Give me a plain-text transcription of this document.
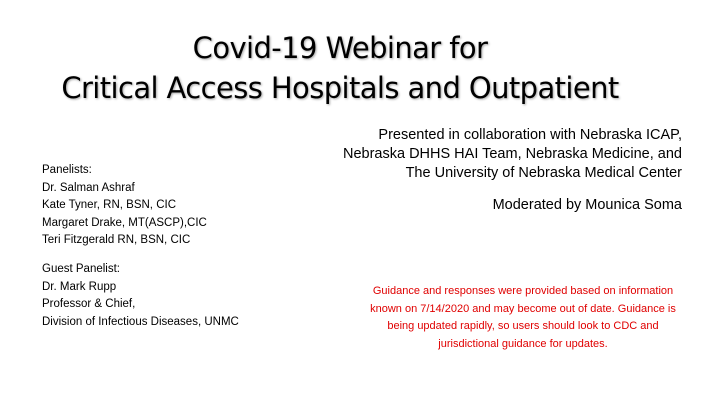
Covid-19 Webinar for
Critical Access Hospitals and Outpatient
Presented in collaboration with Nebraska ICAP,
Nebraska DHHS HAI Team, Nebraska Medicine, and
The University of Nebraska Medical Center
Moderated by Mounica Soma
Panelists:
Dr. Salman Ashraf
Kate Tyner, RN, BSN, CIC
Margaret Drake, MT(ASCP),CIC
Teri Fitzgerald RN, BSN, CIC
Guest Panelist:
Dr. Mark Rupp
Professor & Chief,
Division of Infectious Diseases, UNMC
Guidance and responses were provided based on information
known on 7/14/2020 and may become out of date. Guidance is
being updated rapidly, so users should look to CDC and
jurisdictional guidance for updates.
